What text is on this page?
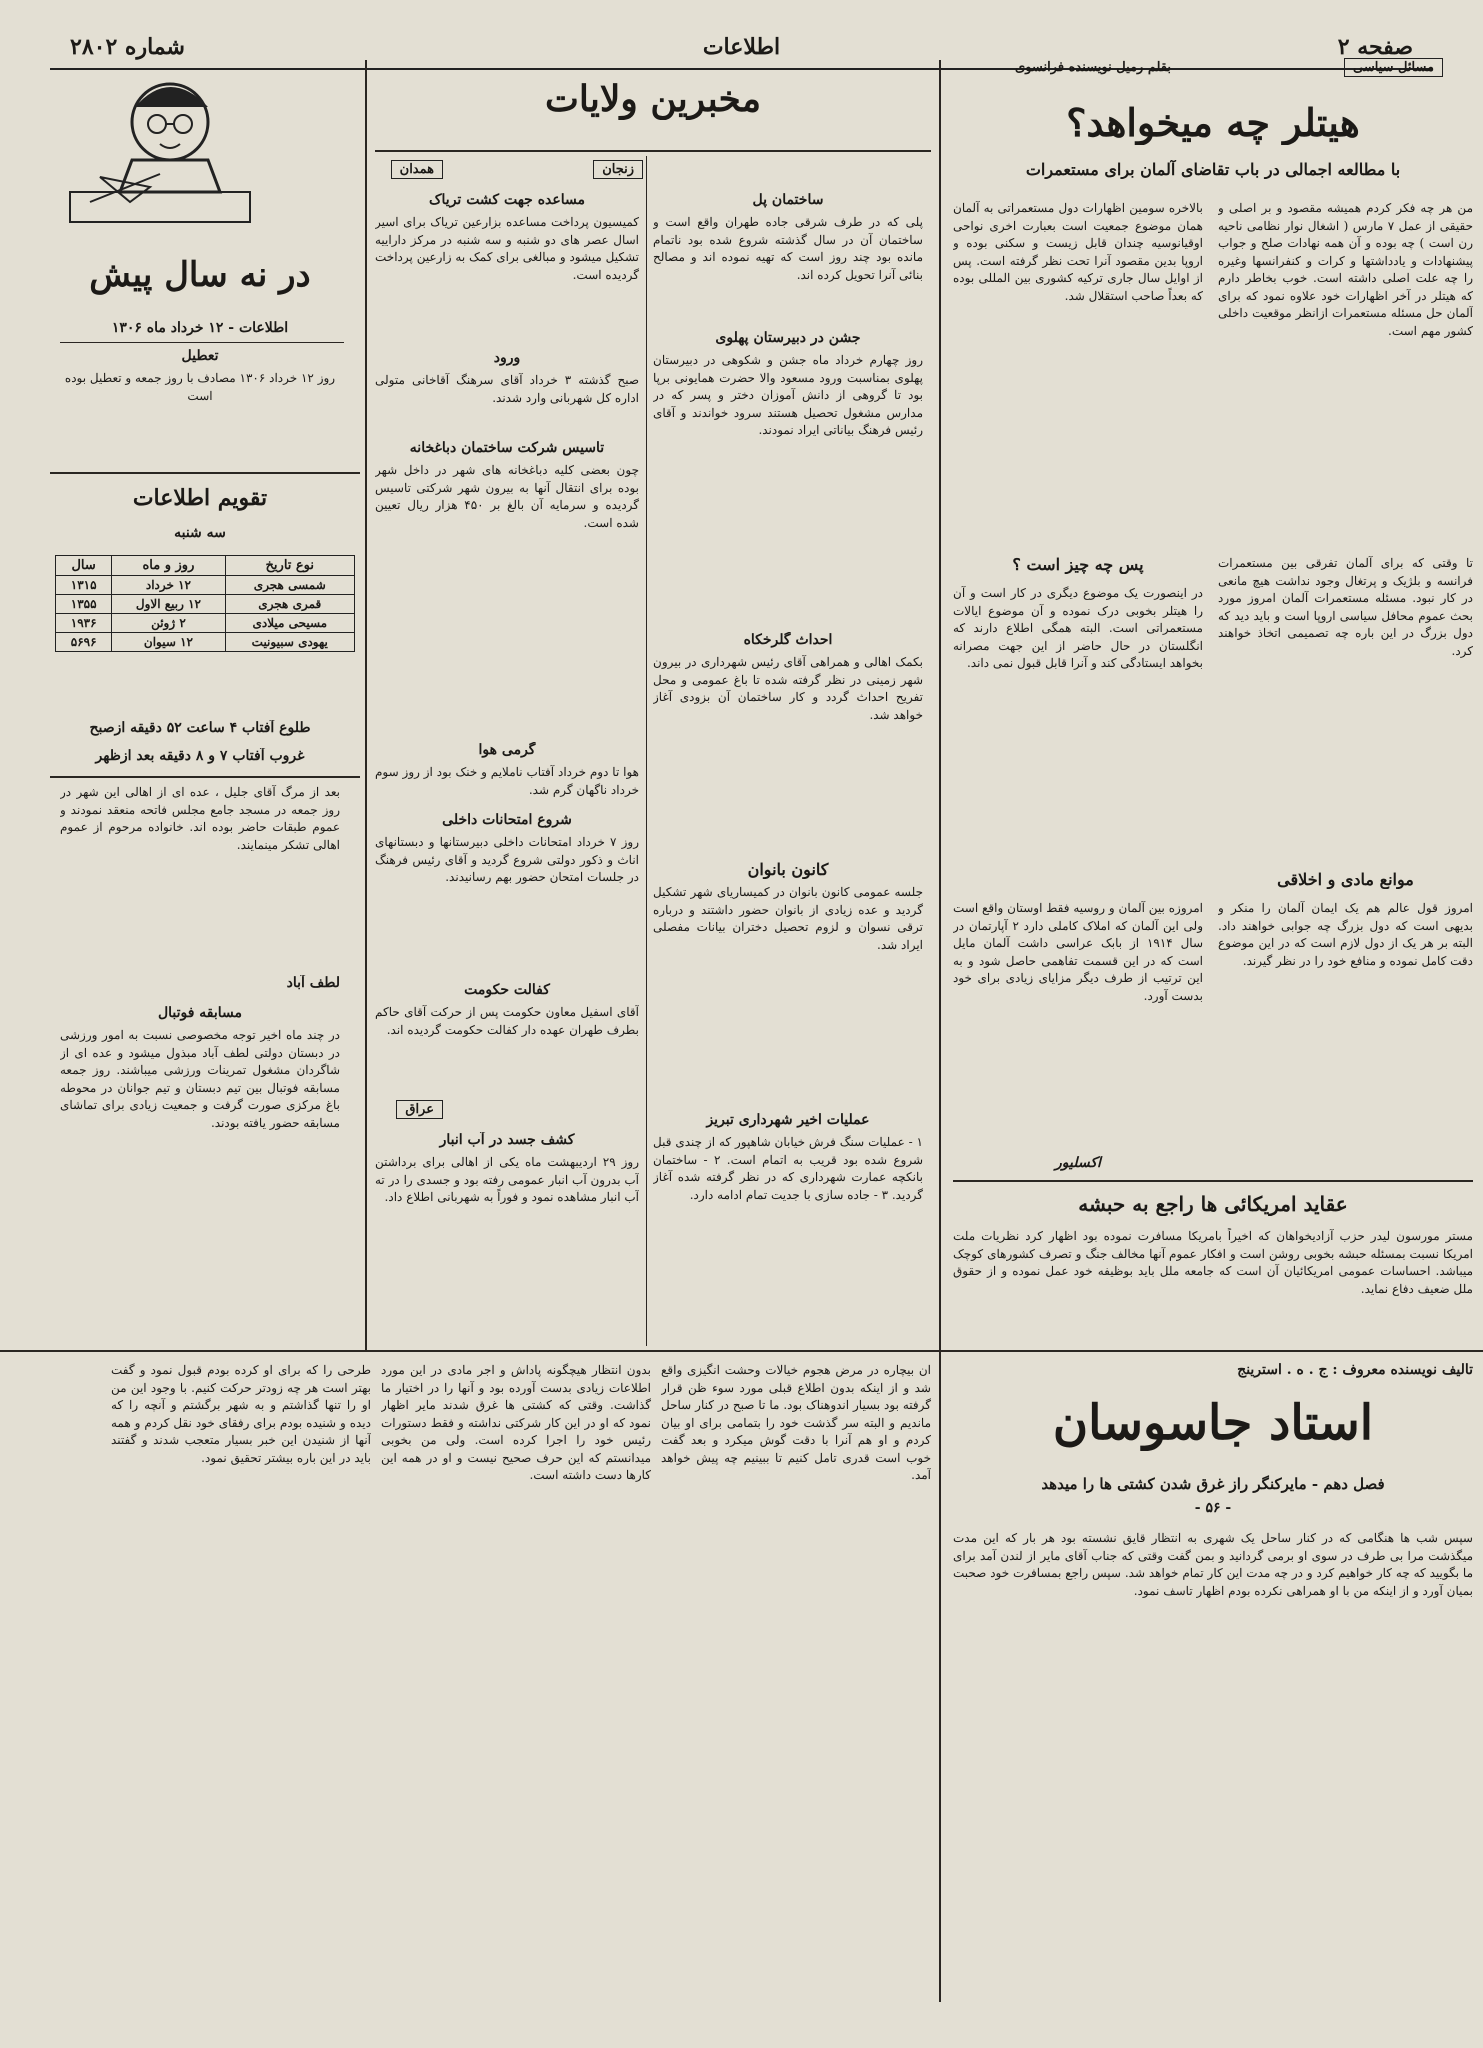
صفحه ۲
اطلاعات
شماره ۲۸۰۲
مسائل سیاسی
بقلم رمیل نویسنده فرانسوی
هیتلر چه میخواهد؟
با مطالعه اجمالی در باب تقاضای آلمان برای مستعمرات
من هر چه فکر کردم همیشه مقصود و بر اصلی و حقیقی از عمل ۷ مارس ( اشغال نوار نظامی ناحیه رن است ) چه بوده و آن همه نهادات صلح و جواب پیشنهادات و یادداشتها و کرات و کنفرانسها وغیره را چه علت اصلی داشته است. خوب بخاطر دارم که هیتلر در آخر اظهارات خود علاوه نمود که برای آلمان حل مسئله مستعمرات ازانظر موقعیت داخلی کشور مهم است.
بالاخره سومین اظهارات دول مستعمراتی به آلمان همان موضوع جمعیت است بعبارت اخری نواحی اوقیانوسیه چندان قابل زیست و سکنی بوده و اروپا بدین مقصود آنرا تحت نظر گرفته است. پس از اوایل سال جاری ترکیه کشوری بین المللی بوده که بعداً صاحب استقلال شد.
تا وقتی که برای آلمان تفرقی بین مستعمرات فرانسه و بلژیک و پرتغال وجود نداشت هیچ مانعی در کار نبود. مسئله مستعمرات آلمان امروز مورد بحث عموم محافل سیاسی اروپا است و باید دید که دول بزرگ در این باره چه تصمیمی اتخاذ خواهند کرد.
پس چه چیز است ؟
در اینصورت یک موضوع دیگری در کار است و آن را هیتلر بخوبی درک نموده و آن موضوع ایالات مستعمراتی است. البته همگی اطلاع دارند که انگلستان در حال حاضر از این جهت مصرانه بخواهد ایستادگی کند و آنرا قابل قبول نمی داند.
موانع مادی و اخلاقی
امروز قول عالم هم یک ایمان آلمان را منکر و بدیهی است که دول بزرگ چه جوابی خواهند داد. البته بر هر یک از دول لازم است که در این موضوع دقت کامل نموده و منافع خود را در نظر گیرند.
امروزه بین آلمان و روسیه فقط اوستان واقع است ولی این آلمان که املاک کاملی دارد ۲ آپارتمان در سال ۱۹۱۴ از بابک عراسی داشت آلمان مایل است که در این قسمت تفاهمی حاصل شود و به این ترتیب از طرف دیگر مزایای زیادی برای خود بدست آورد.
اکسلیور
عقاید امریکائی ها راجع به حبشه
مستر مورسون لیدر حزب آزادیخواهان که اخیراً بامریکا مسافرت نموده بود اظهار کرد نظریات ملت امریکا نسبت بمسئله حبشه بخوبی روشن است و افکار عموم آنها مخالف جنگ و تصرف کشورهای کوچک میباشد. احساسات عمومی امریکائیان آن است که جامعه ملل باید بوظیفه خود عمل نموده و از حقوق ملل ضعیف دفاع نماید.
مخبرین ولایات
زنجان
ساختمان پل
پلی که در طرف شرقی جاده طهران واقع است و ساختمان آن در سال گذشته شروع شده بود ناتمام مانده بود چند روز است که تهیه نموده اند و مصالح بنائی آنرا تحویل کرده اند.
جشن در دبیرستان پهلوی
روز چهارم خرداد ماه جشن و شکوهی در دبیرستان پهلوی بمناسبت ورود مسعود والا حضرت همایونی برپا بود تا گروهی از دانش آموزان دختر و پسر که در مدارس مشغول تحصیل هستند سرود خواندند و آقای رئیس فرهنگ بیاناتی ایراد نمودند.
احداث گلرخکاه
بکمک اهالی و همراهی آقای رئیس شهرداری در بیرون شهر زمینی در نظر گرفته شده تا باغ عمومی و محل تفریح احداث گردد و کار ساختمان آن بزودی آغاز خواهد شد.
کانون بانوان
جلسه عمومی کانون بانوان در کمیساریای شهر تشکیل گردید و عده زیادی از بانوان حضور داشتند و درباره ترقی نسوان و لزوم تحصیل دختران بیانات مفصلی ایراد شد.
عملیات اخیر شهرداری تبریز
۱ - عملیات سنگ فرش خیابان شاهپور که از چندی قبل شروع شده بود قریب به اتمام است. ۲ - ساختمان بانکچه عمارت شهرداری که در نظر گرفته شده آغاز گردید. ۳ - جاده سازی با جدیت تمام ادامه دارد.
همدان
مساعده جهت کشت تریاک
کمیسیون پرداخت مساعده بزارعین تریاک برای اسیر اسال عصر های دو شنبه و سه شنبه در مرکز داراییه تشکیل میشود و مبالغی برای کمک به زارعین پرداخت گردیده است.
ورود
صبح گذشته ۳ خرداد آقای سرهنگ آقاخانی متولی اداره کل شهربانی وارد شدند.
تاسیس شرکت ساختمان دباغخانه
چون بعضی کلیه دباغخانه های شهر در داخل شهر بوده برای انتقال آنها به بیرون شهر شرکتی تاسیس گردیده و سرمایه آن بالغ بر ۴۵۰ هزار ریال تعیین شده است.
گرمی هوا
هوا تا دوم خرداد آفتاب ناملایم و خنک بود از روز سوم خرداد ناگهان گرم شد.
شروع امتحانات داخلی
روز ۷ خرداد امتحانات داخلی دبیرستانها و دبستانهای اناث و ذکور دولتی شروع گردید و آقای رئیس فرهنگ در جلسات امتحان حضور بهم رسانیدند.
کفالت حکومت
آقای اسفیل معاون حکومت پس از حرکت آقای حاکم بطرف طهران عهده دار کفالت حکومت گردیده اند.
عراق
کشف جسد در آب انبار
روز ۲۹ اردیبهشت ماه یکی از اهالی برای برداشتن آب بدرون آب انبار عمومی رفته بود و جسدی را در ته آب انبار مشاهده نمود و فوراً به شهربانی اطلاع داد.
در نه سال پیش
اطلاعات - ۱۲ خرداد ماه ۱۳۰۶
تعطیل
روز ۱۲ خرداد ۱۳۰۶ مصادف با روز جمعه و تعطیل بوده است
تقویم اطلاعات
سه شنبه
نوع تاریخ	روز و ماه	سال
شمسی هجری	۱۲ خرداد	۱۳۱۵
قمری هجری	۱۲ ربیع الاول	۱۳۵۵
مسیحی میلادی	۲ ژوئن	۱۹۳۶
یهودی سبیونیت	۱۲ سیوان	۵۶۹۶
طلوع آفتاب ۴ ساعت ۵۲ دقیقه ازصبح
غروب آفتاب ۷ و ۸ دقیقه بعد ازظهر
بعد از مرگ آقای جلیل ، عده ای از اهالی این شهر در روز جمعه در مسجد جامع مجلس فاتحه منعقد نمودند و عموم طبقات حاضر بوده اند. خانواده مرحوم از عموم اهالی تشکر مینمایند.
لطف آباد
مسابقه فوتبال
در چند ماه اخیر توجه مخصوصی نسبت به امور ورزشی در دبستان دولتی لطف آباد مبذول میشود و عده ای از شاگردان مشغول تمرینات ورزشی میباشند. روز جمعه مسابقه فوتبال بین تیم دبستان و تیم جوانان در محوطه باغ مرکزی صورت گرفت و جمعیت زیادی برای تماشای مسابقه حضور یافته بودند.
تالیف نویسنده معروف : ج . ه . استرینج
استاد جاسوسان
فصل دهم - مایرکنگر راز غرق شدن کشتی ها را میدهد
- ۵۶ -
سپس شب ها هنگامی که در کنار ساحل یک شهری به انتظار قایق نشسته بود هر بار که این مدت میگذشت مرا بی طرف در سوی او برمی گردانید و بمن گفت وقتی که جناب آقای مایر از لندن آمد برای ما بگویید که چه کار خواهیم کرد و در چه مدت این کار تمام خواهد شد. سپس راجع بمسافرت خود صحبت بمیان آورد و از اینکه من با او همراهی نکرده بودم اظهار تاسف نمود.
ان بیچاره در مرض هجوم خیالات وحشت انگیزی واقع شد و از اینکه بدون اطلاع قبلی مورد سوء ظن قرار گرفته بود بسیار اندوهناک بود. ما تا صبح در کنار ساحل ماندیم و البته سر گذشت خود را بتمامی برای او بیان کردم و او هم آنرا با دقت گوش میکرد و بعد گفت خوب است قدری تامل کنیم تا ببینیم چه پیش خواهد آمد.
بدون انتظار هیچگونه پاداش و اجر مادی در این مورد اطلاعات زیادی بدست آورده بود و آنها را در اختیار ما گذاشت. وقتی که کشتی ها غرق شدند مایر اظهار نمود که او در این کار شرکتی نداشته و فقط دستورات رئیس خود را اجرا کرده است. ولی من بخوبی میدانستم که این حرف صحیح نیست و او در همه این کارها دست داشته است.
طرحی را که برای او کرده بودم قبول نمود و گفت بهتر است هر چه زودتر حرکت کنیم. با وجود این من او را تنها گذاشتم و به شهر برگشتم و آنچه را که دیده و شنیده بودم برای رفقای خود نقل کردم و همه آنها از شنیدن این خبر بسیار متعجب شدند و گفتند باید در این باره بیشتر تحقیق نمود.
